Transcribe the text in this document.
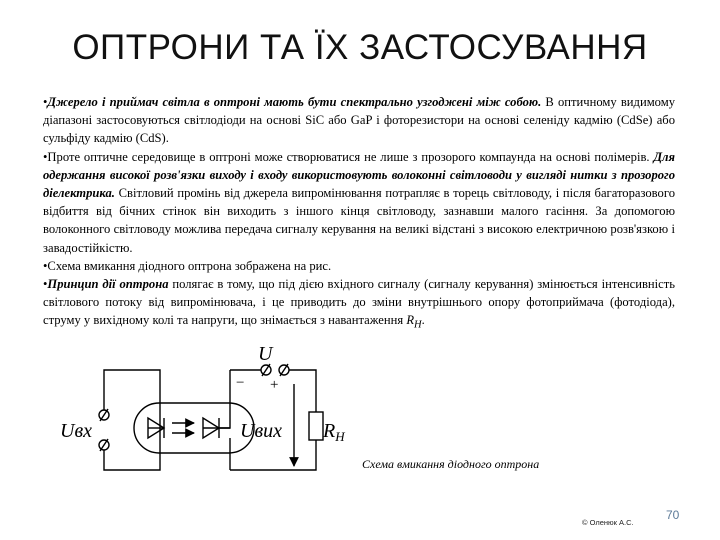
ОПТРОНИ ТА ЇХ ЗАСТОСУВАННЯ

•Джерело і приймач світла в оптроні мають бути спектрально узгоджені між собою. В оптичному видимому діапазоні застосовуються світлодіоди на основі SiC або GaP і фоторезистори на основі селеніду кадмію (CdSe) або сульфіду кадмію (CdS).

•Проте оптичне середовище в оптроні може створюватися не лише з прозорого компаунда на основі полімерів. Для одержання високої розв'язки виходу і входу використовують волоконні світловоди у вигляді нитки з прозорого діелектрика. Світловий промінь від джерела випромінювання потрапляє в торець світловоду, і після багаторазового відбиття від бічних стінок він виходить з іншого кінця світловоду, зазнавши малого гасіння. За допомогою волоконного світловоду можлива передача сигналу керування на великі відстані з високою електричною розв'язкою і завадостійкістю.

•Схема вмикання діодного оптрона зображена на рис.

•Принцип дії оптрона полягає в тому, що під дією вхідного сигналу (сигналу керування) змінюється інтенсивність світлового потоку від випромінювача, і це приводить до зміни внутрішнього опору фотоприймача (фотодіода), струму у вихідному колі та напруги, що знімається з навантаження $R_Н$.

Uвх	Uвих
U
− +
$R_Н$
Схема вмикання діодного оптрона
© Оленюк А.С.
70
